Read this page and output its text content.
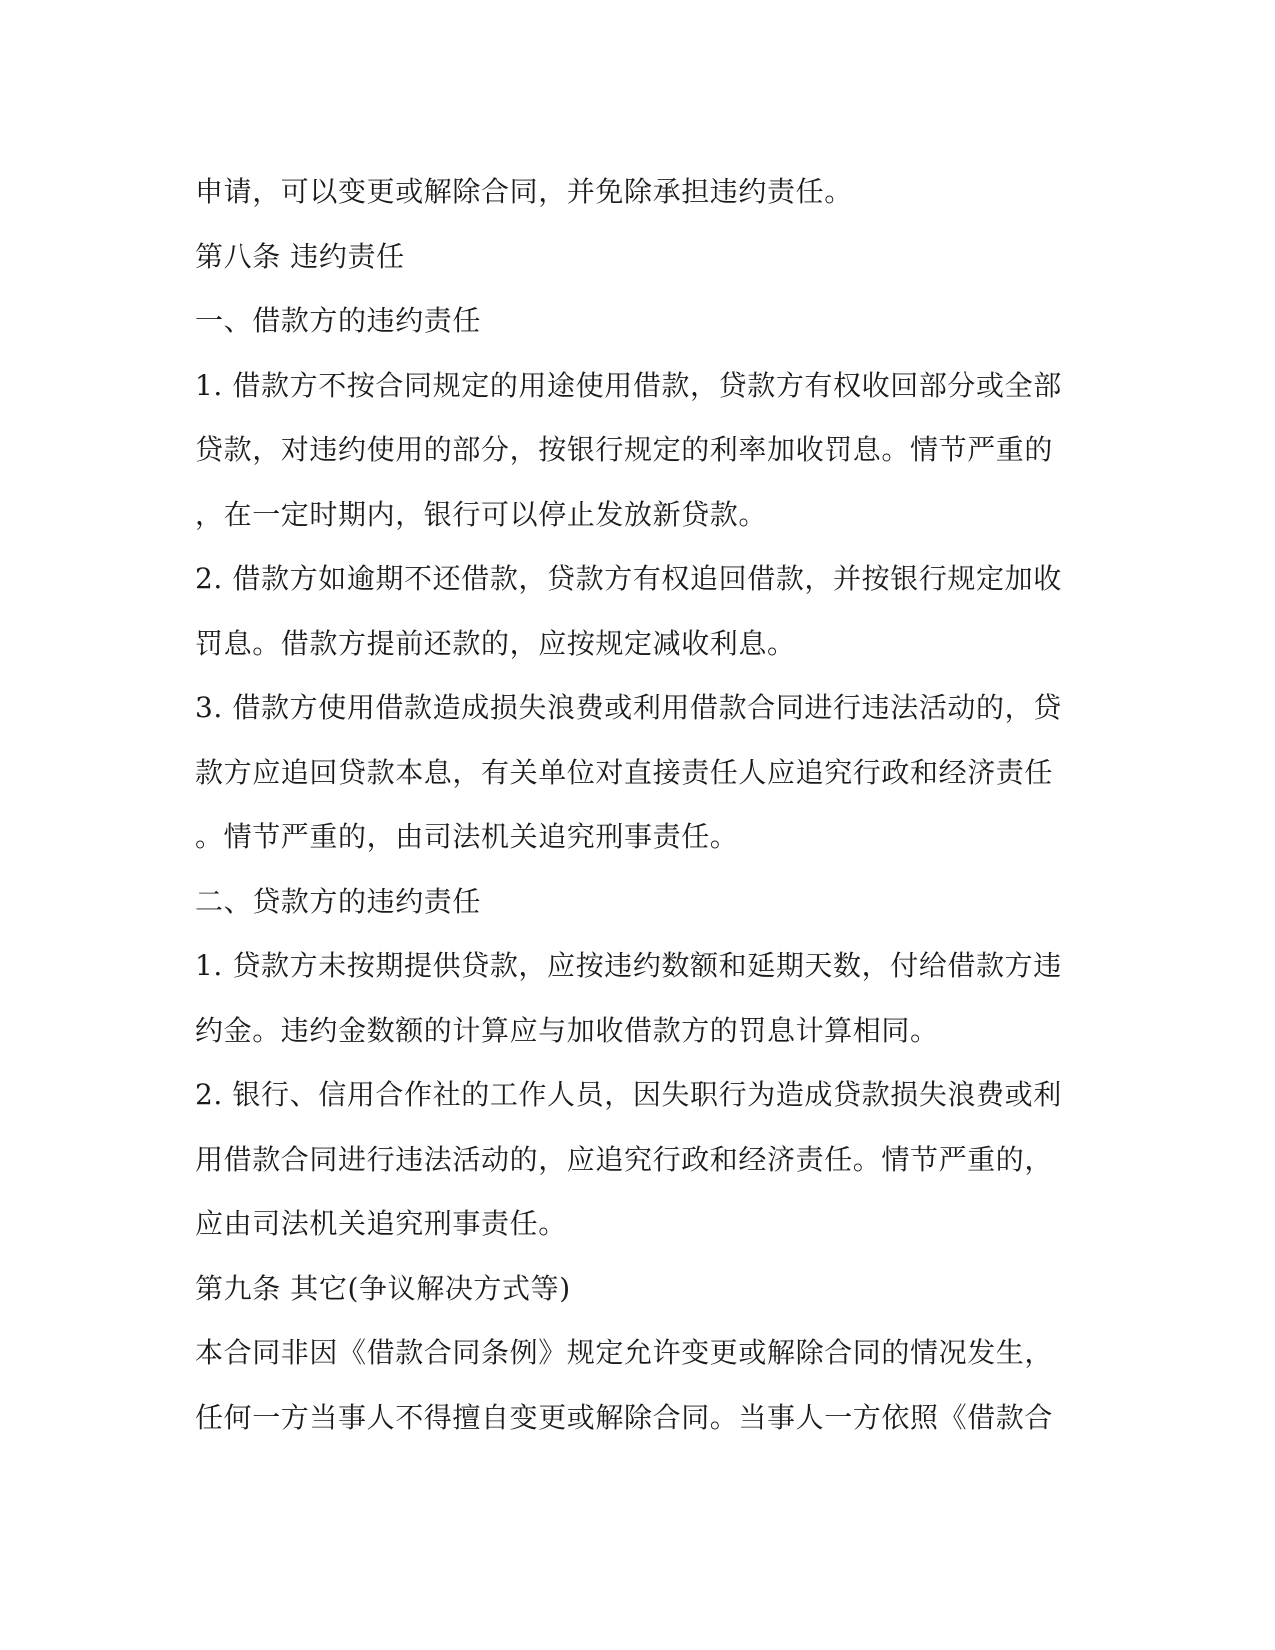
申请，可以变更或解除合同，并免除承担违约责任。
第八条 违约责任
一、借款方的违约责任
1. 借款方不按合同规定的用途使用借款，贷款方有权收回部分或全部
贷款，对违约使用的部分，按银行规定的利率加收罚息。情节严重的
，在一定时期内，银行可以停止发放新贷款。
2. 借款方如逾期不还借款，贷款方有权追回借款，并按银行规定加收
罚息。借款方提前还款的，应按规定减收利息。
3. 借款方使用借款造成损失浪费或利用借款合同进行违法活动的，贷
款方应追回贷款本息，有关单位对直接责任人应追究行政和经济责任
。情节严重的，由司法机关追究刑事责任。
二、贷款方的违约责任
1. 贷款方未按期提供贷款，应按违约数额和延期天数，付给借款方违
约金。违约金数额的计算应与加收借款方的罚息计算相同。
2. 银行、信用合作社的工作人员，因失职行为造成贷款损失浪费或利
用借款合同进行违法活动的，应追究行政和经济责任。情节严重的，
应由司法机关追究刑事责任。
第九条 其它(争议解决方式等)
本合同非因《借款合同条例》规定允许变更或解除合同的情况发生，
任何一方当事人不得擅自变更或解除合同。当事人一方依照《借款合
